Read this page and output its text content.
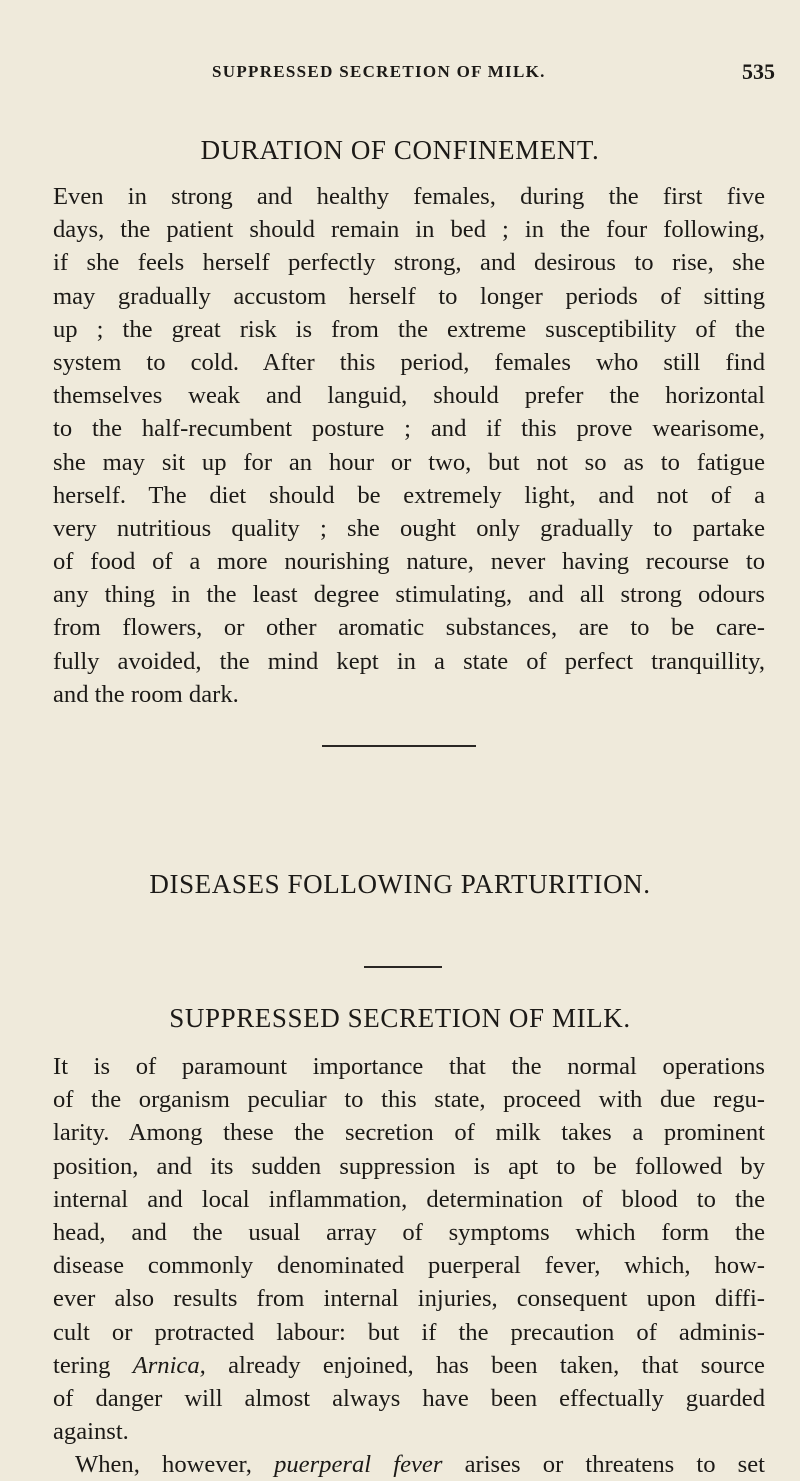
SUPPRESSED SECRETION OF MILK.	535
DURATION OF CONFINEMENT.
Even in strong and healthy females, during the first five
days, the patient should remain in bed ; in the four following,
if she feels herself perfectly strong, and desirous to rise, she
may gradually accustom herself to longer periods of sitting
up ; the great risk is from the extreme susceptibility of the
system to cold. After this period, females who still find
themselves weak and languid, should prefer the horizontal
to the half-recumbent posture ; and if this prove wearisome,
she may sit up for an hour or two, but not so as to fatigue
herself. The diet should be extremely light, and not of a
very nutritious quality ; she ought only gradually to partake
of food of a more nourishing nature, never having recourse to
any thing in the least degree stimulating, and all strong odours
from flowers, or other aromatic substances, are to be care-
fully avoided, the mind kept in a state of perfect tranquillity,
and the room dark.
DISEASES FOLLOWING PARTURITION.
SUPPRESSED SECRETION OF MILK.
It is of paramount importance that the normal operations
of the organism peculiar to this state, proceed with due regu-
larity. Among these the secretion of milk takes a prominent
position, and its sudden suppression is apt to be followed by
internal and local inflammation, determination of blood to the
head, and the usual array of symptoms which form the
disease commonly denominated puerperal fever, which, how-
ever also results from internal injuries, consequent upon diffi-
cult or protracted labour: but if the precaution of adminis-
tering Arnica, already enjoined, has been taken, that source
of danger will almost always have been effectually guarded
against.
When, however, puerperal fever arises or threatens to set
